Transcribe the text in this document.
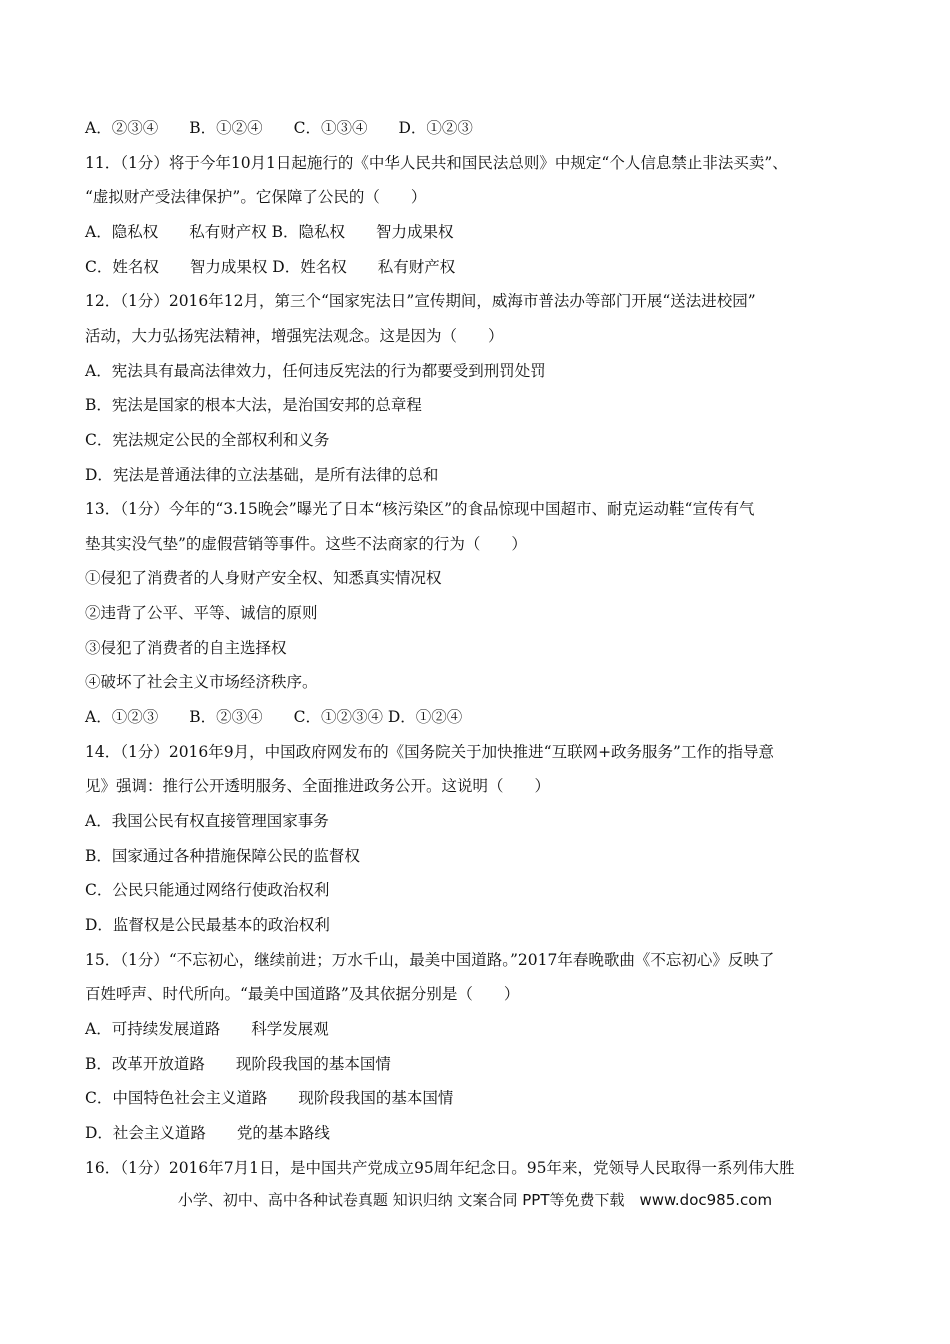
A．②③④　　B．①②④　　C．①③④　　D．①②③
11．（1分）将于今年10月1日起施行的《中华人民共和国民法总则》中规定“个人信息禁止非法买卖”、
“虚拟财产受法律保护”。它保障了公民的（　　）
A．隐私权　　私有财产权 B．隐私权　　智力成果权
C．姓名权　　智力成果权 D．姓名权　　私有财产权
12．（1分）2016年12月，第三个“国家宪法日”宣传期间，威海市普法办等部门开展“送法进校园”
活动，大力弘扬宪法精神，增强宪法观念。这是因为（　　）
A．宪法具有最高法律效力，任何违反宪法的行为都要受到刑罚处罚
B．宪法是国家的根本大法，是治国安邦的总章程
C．宪法规定公民的全部权利和义务
D．宪法是普通法律的立法基础，是所有法律的总和
13．（1分）今年的“3.15晚会”曝光了日本“核污染区”的食品惊现中国超市、耐克运动鞋“宣传有气
垫其实没气垫”的虚假营销等事件。这些不法商家的行为（　　）
①侵犯了消费者的人身财产安全权、知悉真实情况权
②违背了公平、平等、诚信的原则
③侵犯了消费者的自主选择权
④破坏了社会主义市场经济秩序。
A．①②③　　B．②③④　　C．①②③④ D．①②④
14．（1分）2016年9月，中国政府网发布的《国务院关于加快推进“互联网+政务服务”工作的指导意
见》强调：推行公开透明服务、全面推进政务公开。这说明（　　）
A．我国公民有权直接管理国家事务
B．国家通过各种措施保障公民的监督权
C．公民只能通过网络行使政治权利
D．监督权是公民最基本的政治权利
15．（1分）“不忘初心，继续前进；万水千山，最美中国道路。”2017年春晚歌曲《不忘初心》反映了
百姓呼声、时代所向。“最美中国道路”及其依据分别是（　　）
A．可持续发展道路　　科学发展观
B．改革开放道路　　现阶段我国的基本国情
C．中国特色社会主义道路　　现阶段我国的基本国情
D．社会主义道路　　党的基本路线
16．（1分）2016年7月1日，是中国共产党成立95周年纪念日。95年来，党领导人民取得一系列伟大胜
小学、初中、高中各种试卷真题 知识归纳 文案合同 PPT等免费下载　www.doc985.com
